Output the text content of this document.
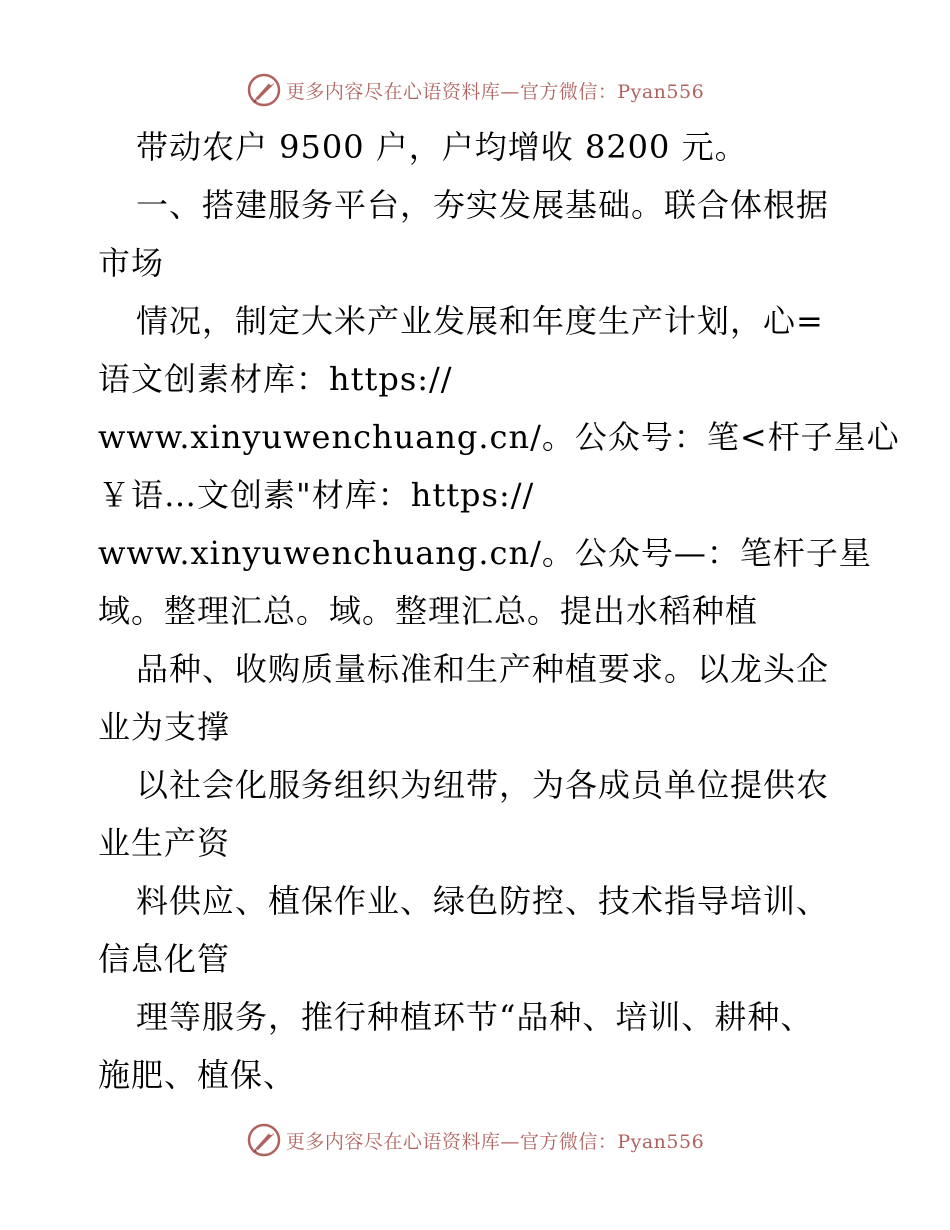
更多内容尽在心语资料库—官方微信：Pyan556
带动农户 9500 户，户均增收 8200 元。
一、搭建服务平台，夯实发展基础。联合体根据
市场
情况，制定大米产业发展和年度生产计划，心=
语文创素材库：https://
www.xinyuwenchuang.cn/。公众号：笔<杆子星心
￥语…文创素"材库：https://
www.xinyuwenchuang.cn/。公众号—：笔杆子星
域。整理汇总。域。整理汇总。提出水稻种植
品种、收购质量标准和生产种植要求。以龙头企
业为支撑
以社会化服务组织为纽带，为各成员单位提供农
业生产资
料供应、植保作业、绿色防控、技术指导培训、
信息化管
理等服务，推行种植环节“品种、培训、耕种、
施肥、植保、
更多内容尽在心语资料库—官方微信：Pyan556
